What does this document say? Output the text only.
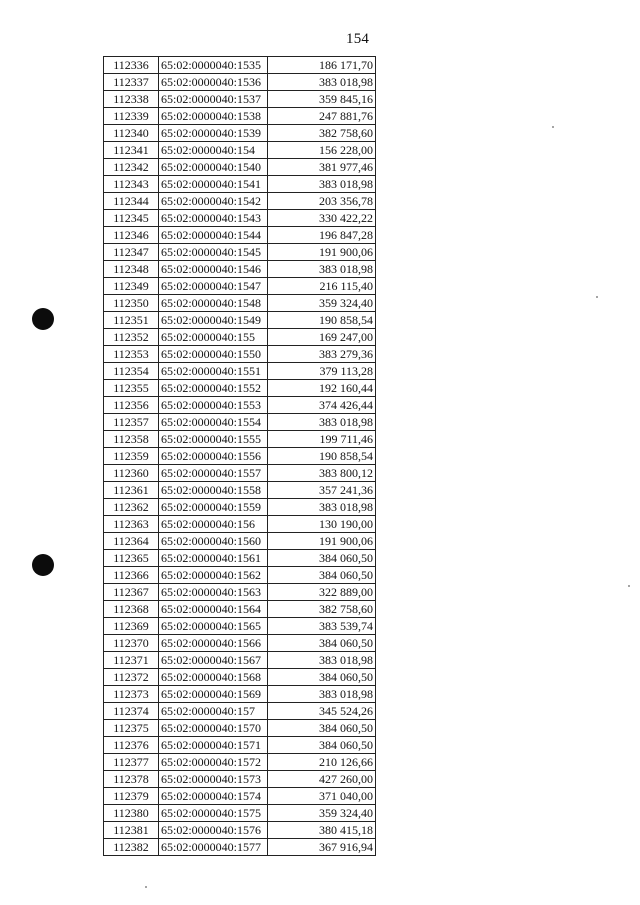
154
112336	65:02:0000040:1535	186 171,70
112337	65:02:0000040:1536	383 018,98
112338	65:02:0000040:1537	359 845,16
112339	65:02:0000040:1538	247 881,76
112340	65:02:0000040:1539	382 758,60
112341	65:02:0000040:154	156 228,00
112342	65:02:0000040:1540	381 977,46
112343	65:02:0000040:1541	383 018,98
112344	65:02:0000040:1542	203 356,78
112345	65:02:0000040:1543	330 422,22
112346	65:02:0000040:1544	196 847,28
112347	65:02:0000040:1545	191 900,06
112348	65:02:0000040:1546	383 018,98
112349	65:02:0000040:1547	216 115,40
112350	65:02:0000040:1548	359 324,40
112351	65:02:0000040:1549	190 858,54
112352	65:02:0000040:155	169 247,00
112353	65:02:0000040:1550	383 279,36
112354	65:02:0000040:1551	379 113,28
112355	65:02:0000040:1552	192 160,44
112356	65:02:0000040:1553	374 426,44
112357	65:02:0000040:1554	383 018,98
112358	65:02:0000040:1555	199 711,46
112359	65:02:0000040:1556	190 858,54
112360	65:02:0000040:1557	383 800,12
112361	65:02:0000040:1558	357 241,36
112362	65:02:0000040:1559	383 018,98
112363	65:02:0000040:156	130 190,00
112364	65:02:0000040:1560	191 900,06
112365	65:02:0000040:1561	384 060,50
112366	65:02:0000040:1562	384 060,50
112367	65:02:0000040:1563	322 889,00
112368	65:02:0000040:1564	382 758,60
112369	65:02:0000040:1565	383 539,74
112370	65:02:0000040:1566	384 060,50
112371	65:02:0000040:1567	383 018,98
112372	65:02:0000040:1568	384 060,50
112373	65:02:0000040:1569	383 018,98
112374	65:02:0000040:157	345 524,26
112375	65:02:0000040:1570	384 060,50
112376	65:02:0000040:1571	384 060,50
112377	65:02:0000040:1572	210 126,66
112378	65:02:0000040:1573	427 260,00
112379	65:02:0000040:1574	371 040,00
112380	65:02:0000040:1575	359 324,40
112381	65:02:0000040:1576	380 415,18
112382	65:02:0000040:1577	367 916,94
